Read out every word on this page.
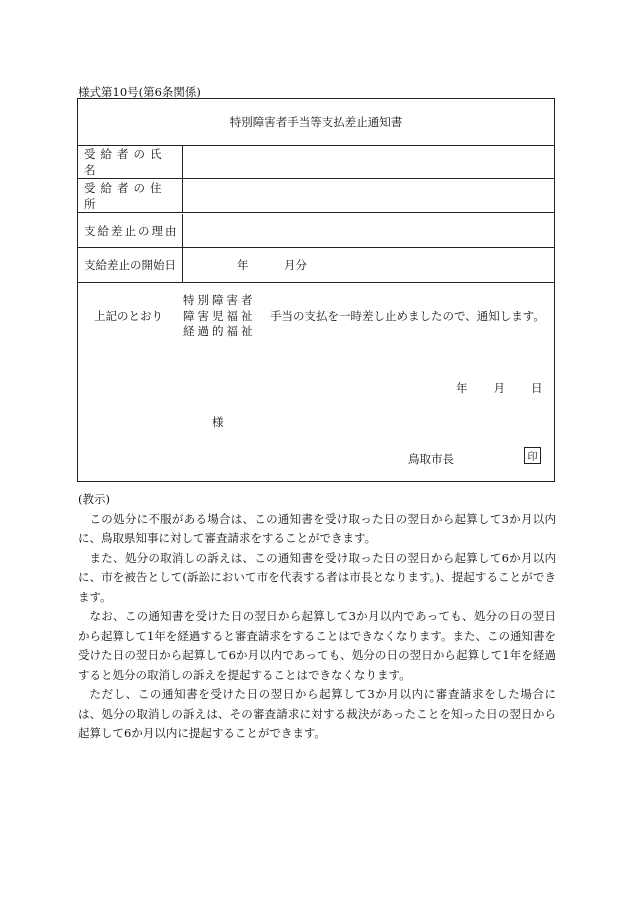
様式第10号(第6条関係)
特別障害者手当等支払差止通知書
受給者の氏名
受給者の住所
支給差止の理由
支給差止の開始日	年	月分
上記のとおり
特別障害者
障害児福祉
経過的福祉
手当の支払を一時差し止めましたので、通知します。
年 月 日
様
鳥取市長	印
(教示)

この処分に不服がある場合は、この通知書を受け取った日の翌日から起算して3か月以内に、鳥取県知事に対して審査請求をすることができます。

また、処分の取消しの訴えは、この通知書を受け取った日の翌日から起算して6か月以内に、市を被告として(訴訟において市を代表する者は市長となります。)、提起することができます。

なお、この通知書を受けた日の翌日から起算して3か月以内であっても、処分の日の翌日から起算して1年を経過すると審査請求をすることはできなくなります。また、この通知書を受けた日の翌日から起算して6か月以内であっても、処分の日の翌日から起算して1年を経過すると処分の取消しの訴えを提起することはできなくなります。

ただし、この通知書を受けた日の翌日から起算して3か月以内に審査請求をした場合には、処分の取消しの訴えは、その審査請求に対する裁決があったことを知った日の翌日から起算して6か月以内に提起することができます。
